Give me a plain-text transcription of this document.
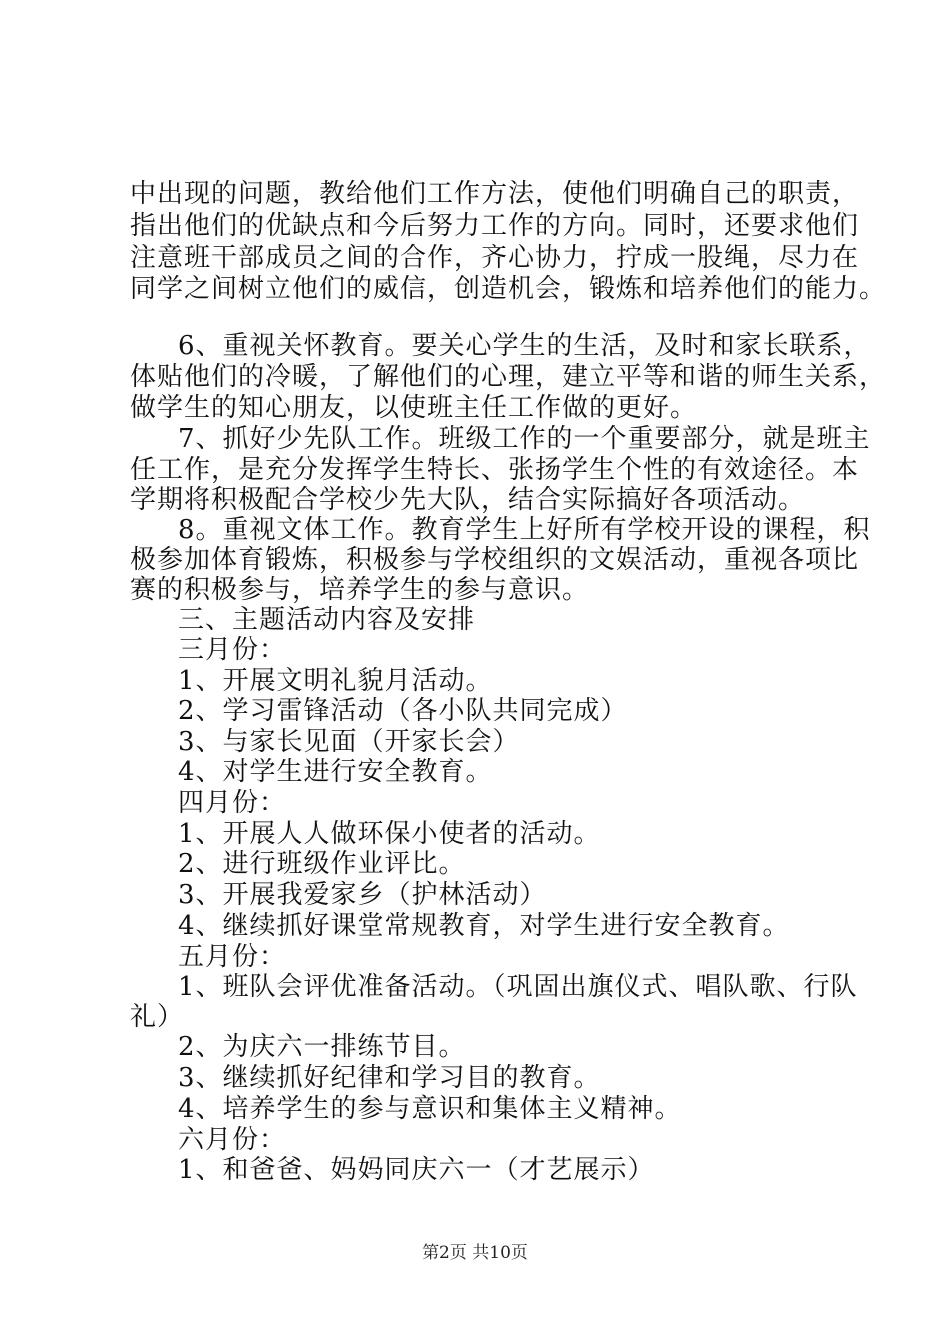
中出现的问题，教给他们工作方法，使他们明确自己的职责，
指出他们的优缺点和今后努力工作的方向。同时，还要求他们
注意班干部成员之间的合作，齐心协力，拧成一股绳，尽力在
同学之间树立他们的威信，创造机会，锻炼和培养他们的能力。
6、重视关怀教育。要关心学生的生活，及时和家长联系，
体贴他们的冷暖，了解他们的心理，建立平等和谐的师生关系，
做学生的知心朋友，以使班主任工作做的更好。
7、抓好少先队工作。班级工作的一个重要部分，就是班主
任工作，是充分发挥学生特长、张扬学生个性的有效途径。本
学期将积极配合学校少先大队，结合实际搞好各项活动。
8。重视文体工作。教育学生上好所有学校开设的课程，积
极参加体育锻炼，积极参与学校组织的文娱活动，重视各项比
赛的积极参与，培养学生的参与意识。
三、主题活动内容及安排
三月份：
1、开展文明礼貌月活动。
2、学习雷锋活动（各小队共同完成）
3、与家长见面（开家长会）
4、对学生进行安全教育。
四月份：
1、开展人人做环保小使者的活动。
2、进行班级作业评比。
3、开展我爱家乡（护林活动）
4、继续抓好课堂常规教育，对学生进行安全教育。
五月份：
1、班队会评优准备活动。（巩固出旗仪式、唱队歌、行队
礼）
2、为庆六一排练节目。
3、继续抓好纪律和学习目的教育。
4、培养学生的参与意识和集体主义精神。
六月份：
1、和爸爸、妈妈同庆六一（才艺展示）
第2页 共10页
